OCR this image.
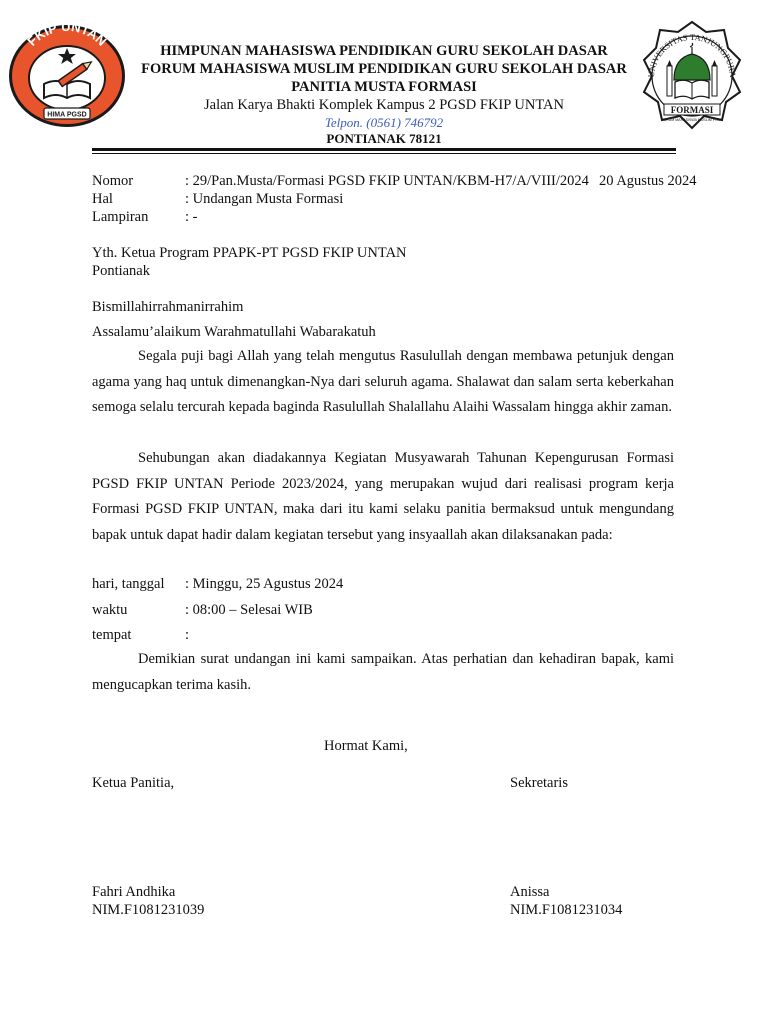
FKIP UNTAN
HIMA PGSD
HIMPUNAN MAHASISWA PENDIDIKAN GURU SEKOLAH DASAR
FORUM MAHASISWA MUSLIM PENDIDIKAN GURU SEKOLAH DASAR
PANITIA MUSTA FORMASI
Jalan Karya Bhakti Komplek Kampus 2 PGSD FKIP UNTAN
Telpon. (0561) 746792
PONTIANAK 78121
UNIVERSITAS TANJUNGPURA
FORMASI
FORUM MAHASISWA MUSLIM PGSD
Nomor	: 29/Pan.Musta/Formasi PGSD FKIP UNTAN/KBM-H7/A/VIII/2024 20 Agustus 2024
Hal	: Undangan Musta Formasi
Lampiran	: -
Yth. Ketua Program PPAPK-PT PGSD FKIP UNTAN
Pontianak
Bismillahirrahmanirrahim
Assalamu’alaikum Warahmatullahi Wabarakatuh

Segala puji bagi Allah yang telah mengutus Rasulullah dengan membawa petunjuk dengan agama yang haq untuk dimenangkan-Nya dari seluruh agama. Shalawat dan salam serta keberkahan semoga selalu tercurah kepada baginda Rasulullah Shalallahu Alaihi Wassalam hingga akhir zaman.

Sehubungan akan diadakannya Kegiatan Musyawarah Tahunan Kepengurusan Formasi PGSD FKIP UNTAN Periode 2023/2024, yang merupakan wujud dari realisasi program kerja Formasi PGSD FKIP UNTAN, maka dari itu kami selaku panitia bermaksud untuk mengundang bapak untuk dapat hadir dalam kegiatan tersebut yang insyaallah akan dilaksanakan pada:

hari, tanggal : Minggu, 25 Agustus 2024
waktu	: 08:00 – Selesai WIB
tempat	:

Demikian surat undangan ini kami sampaikan. Atas perhatian dan kehadiran bapak, kami mengucapkan terima kasih.

Hormat Kami,
Ketua Panitia,	Sekretaris
Fahri Andhika
NIM.F1081231039
Anissa
NIM.F1081231034
